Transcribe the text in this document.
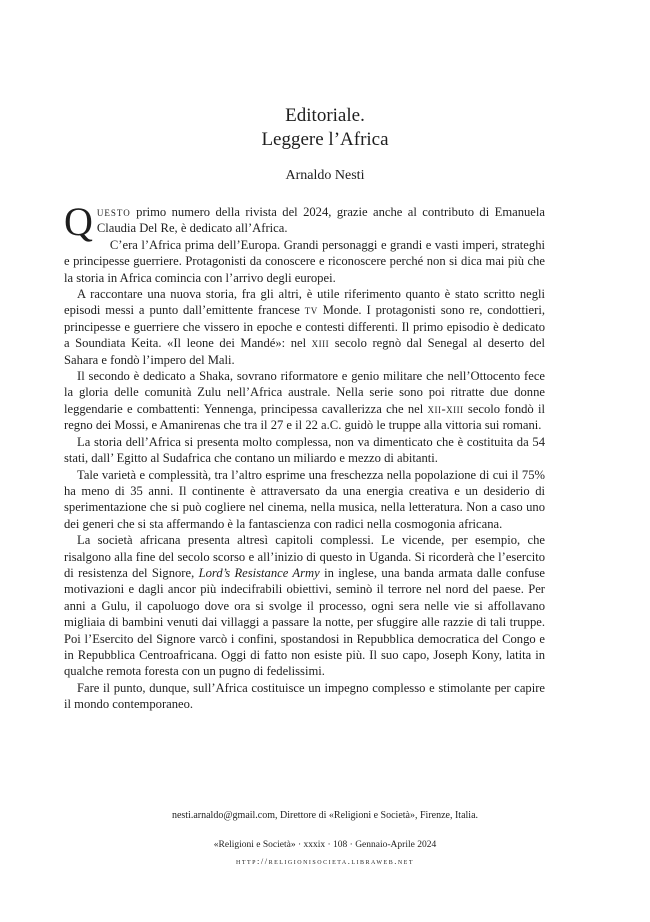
Editoriale.
Leggere l’Africa
Arnaldo Nesti

Questo primo numero della rivista del 2024, grazie anche al contributo di Emanuela Claudia Del Re, è dedicato all’Africa.

C’era l’Africa prima dell’Europa. Grandi personaggi e grandi e vasti imperi, strateghi e principesse guerriere. Protagonisti da conoscere e riconoscere perché non si dica mai più che la storia in Africa comincia con l’arrivo degli europei.

A raccontare una nuova storia, fra gli altri, è utile riferimento quanto è stato scritto negli episodi messi a punto dall’emittente francese tv Monde. I protagonisti sono re, condottieri, principesse e guerriere che vissero in epoche e contesti differenti. Il primo episodio è dedicato a Soundiata Keita. «Il leone dei Mandé»: nel xiii secolo regnò dal Senegal al deserto del Sahara e fondò l’impero del Mali.

Il secondo è dedicato a Shaka, sovrano riformatore e genio militare che nell’Ottocento fece la gloria delle comunità Zulu nell’Africa australe. Nella serie sono poi ritratte due donne leggendarie e combattenti: Yennenga, principessa cavallerizza che nel xii-xiii secolo fondò il regno dei Mossi, e Amanirenas che tra il 27 e il 22 a.C. guidò le truppe alla vittoria sui romani.

La storia dell’Africa si presenta molto complessa, non va dimenticato che è costituita da 54 stati, dall’ Egitto al Sudafrica che contano un miliardo e mezzo di abitanti.

Tale varietà e complessità, tra l’altro esprime una freschezza nella popolazione di cui il 75% ha meno di 35 anni. Il continente è attraversato da una energia creativa e un desiderio di sperimentazione che si può cogliere nel cinema, nella musica, nella letteratura. Non a caso uno dei generi che si sta affermando è la fantascienza con radici nella cosmogonia africana.

La società africana presenta altresì capitoli complessi. Le vicende, per esempio, che risalgono alla fine del secolo scorso e all’inizio di questo in Uganda. Si ricorderà che l’esercito di resistenza del Signore, Lord’s Resistance Army in inglese, una banda armata dalle confuse motivazioni e dagli ancor più indecifrabili obiettivi, seminò il terrore nel nord del paese. Per anni a Gulu, il capoluogo dove ora si svolge il processo, ogni sera nelle vie si affollavano migliaia di bambini venuti dai villaggi a passare la notte, per sfuggire alle razzie di tali truppe. Poi l’Esercito del Signore varcò i confini, spostandosi in Repubblica democratica del Congo e in Repubblica Centroafricana. Oggi di fatto non esiste più. Il suo capo, Joseph Kony, latita in qualche remota foresta con un pugno di fedelissimi.

Fare il punto, dunque, sull’Africa costituisce un impegno complesso e stimolante per capire il mondo contemporaneo.

nesti.arnaldo@gmail.com, Direttore di «Religioni e Società», Firenze, Italia.
«Religioni e Società» · xxxix · 108 · Gennaio-Aprile 2024
http://religionisocieta.libraweb.net
